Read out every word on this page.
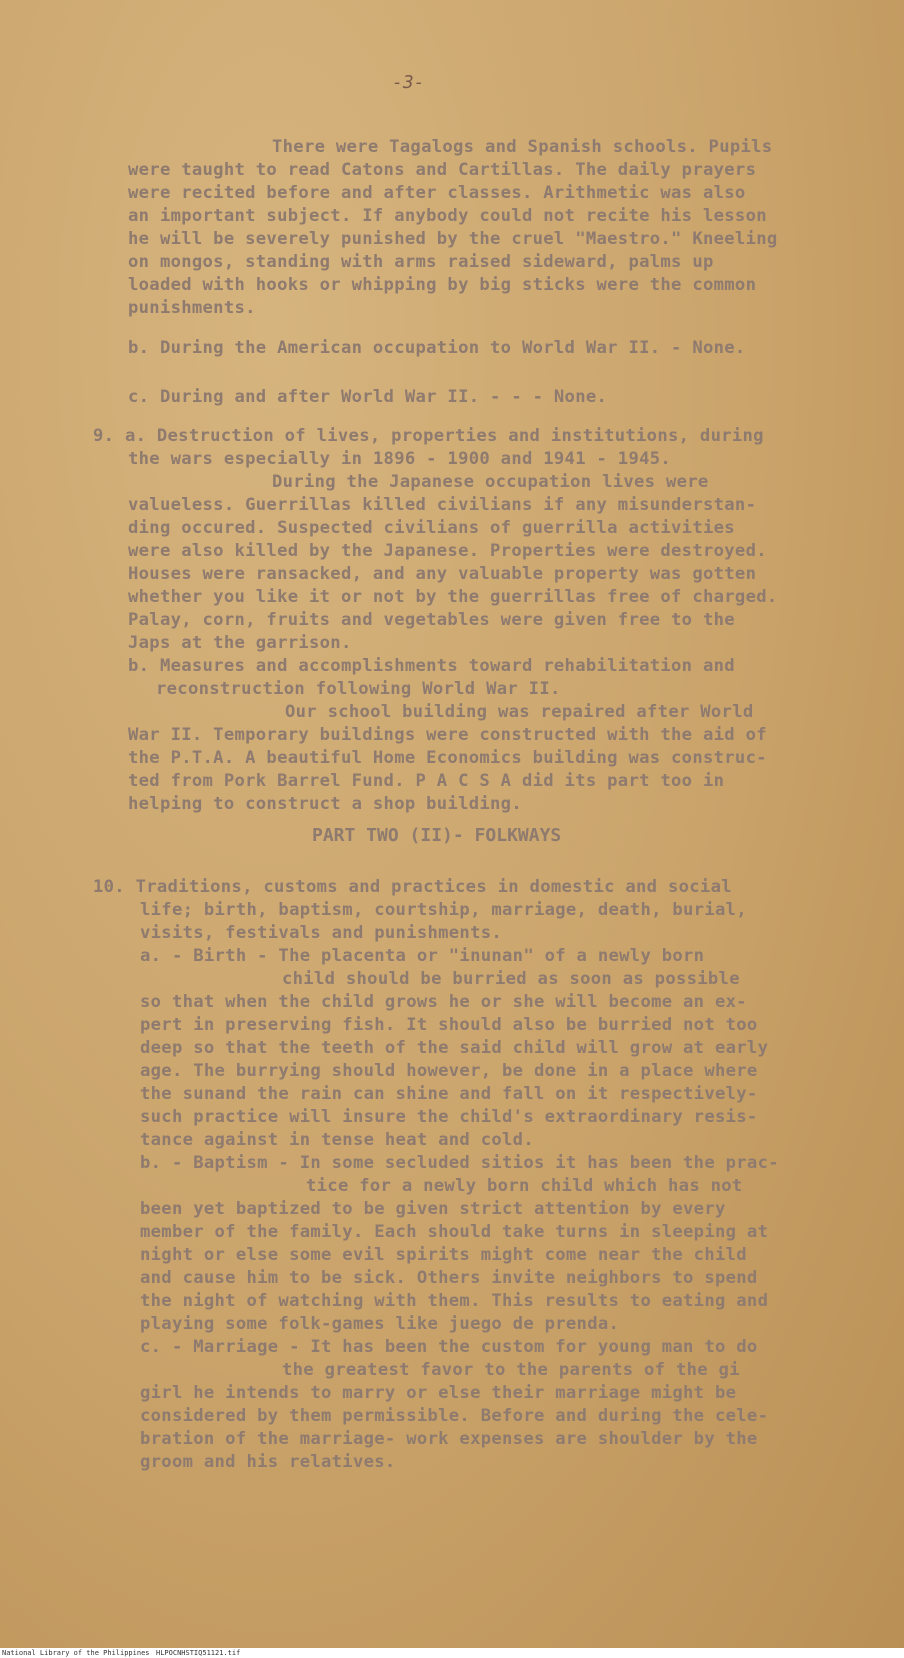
-3-
There were Tagalogs and Spanish schools. Pupils
were taught to read Catons and Cartillas. The daily prayers
were recited before and after classes. Arithmetic was also
an important subject. If anybody could not recite his lesson
he will be severely punished by the cruel "Maestro." Kneeling
on mongos, standing with arms raised sideward, palms up
loaded with hooks or whipping by big sticks were the common
punishments.
b. During the American occupation to World War II. - None.
c. During and after World War II. - - - None.
9. a. Destruction of lives, properties and institutions, during
the wars especially in 1896 - 1900 and 1941 - 1945.
During the Japanese occupation lives were
valueless. Guerrillas killed civilians if any misunderstan-
ding occured. Suspected civilians of guerrilla activities
were also killed by the Japanese. Properties were destroyed.
Houses were ransacked, and any valuable property was gotten
whether you like it or not by the guerrillas free of charged.
Palay, corn, fruits and vegetables were given free to the
Japs at the garrison.
b. Measures and accomplishments toward rehabilitation and
reconstruction following World War II.
Our school building was repaired after World
War II. Temporary buildings were constructed with the aid of
the P.T.A. A beautiful Home Economics building was construc-
ted from Pork Barrel Fund. P A C S A did its part too in
helping to construct a shop building.
PART TWO (II)- FOLKWAYS
10. Traditions, customs and practices in domestic and social
life; birth, baptism, courtship, marriage, death, burial,
visits, festivals and punishments.
a. - Birth - The placenta or "inunan" of a newly born
child should be burried as soon as possible
so that when the child grows he or she will become an ex-
pert in preserving fish. It should also be burried not too
deep so that the teeth of the said child will grow at early
age. The burrying should however, be done in a place where
the sunand the rain can shine and fall on it respectively-
such practice will insure the child's extraordinary resis-
tance against in tense heat and cold.
b. - Baptism - In some secluded sitios it has been the prac-
tice for a newly born child which has not
been yet baptized to be given strict attention by every
member of the family. Each should take turns in sleeping at
night or else some evil spirits might come near the child
and cause him to be sick. Others invite neighbors to spend
the night of watching with them. This results to eating and
playing some folk-games like juego de prenda.
c. - Marriage - It has been the custom for young man to do
the greatest favor to the parents of the gi
girl he intends to marry or else their marriage might be
considered by them permissible. Before and during the cele-
bration of the marriage- work expenses are shoulder by the
groom and his relatives.
National Library of the Philippines HLPOCNHSTIQ51121.tif
